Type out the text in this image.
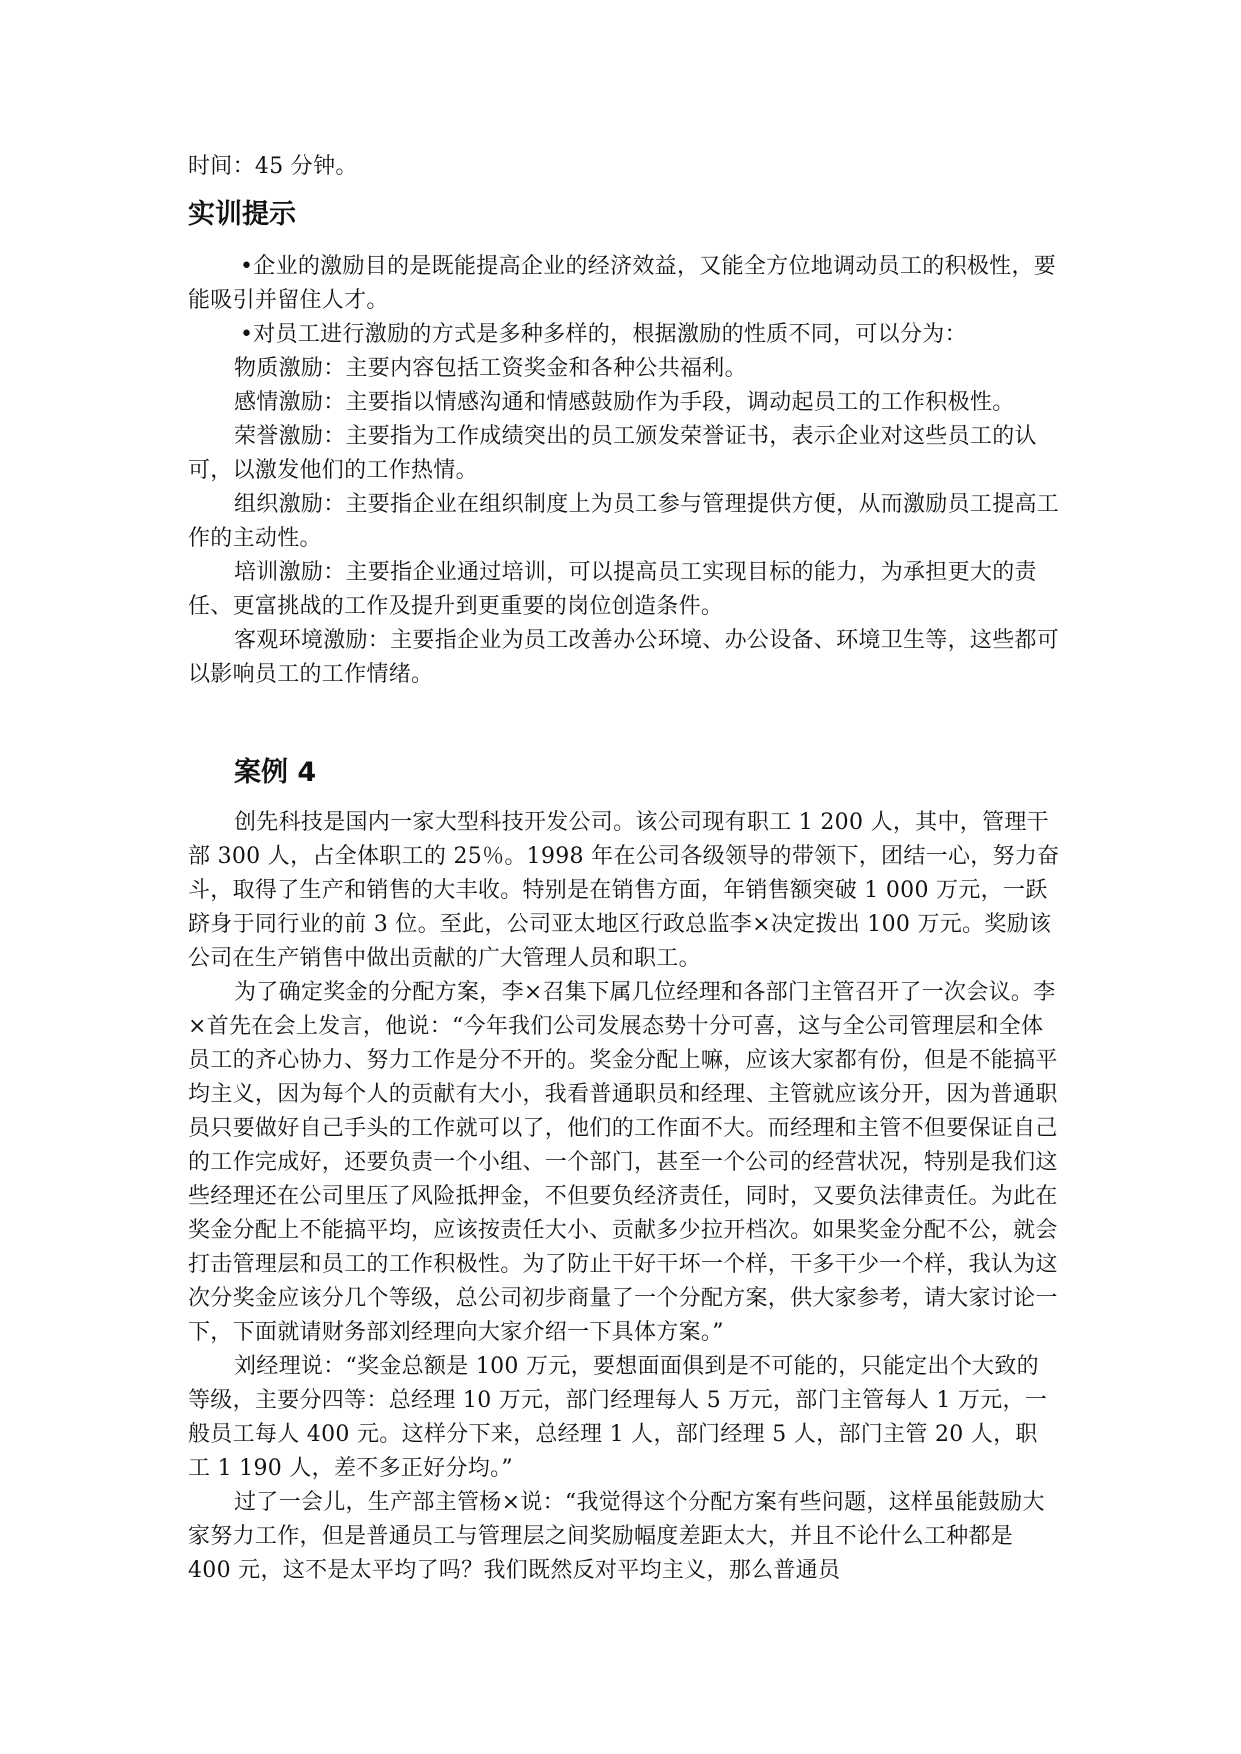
时间：45 分钟。

实训提示

•企业的激励目的是既能提高企业的经济效益，又能全方位地调动员工的积极性，要能吸引并留住人才。

•对员工进行激励的方式是多种多样的，根据激励的性质不同，可以分为：

物质激励：主要内容包括工资奖金和各种公共福利。

感情激励：主要指以情感沟通和情感鼓励作为手段，调动起员工的工作积极性。

荣誉激励：主要指为工作成绩突出的员工颁发荣誉证书，表示企业对这些员工的认可，以激发他们的工作热情。

组织激励：主要指企业在组织制度上为员工参与管理提供方便，从而激励员工提高工作的主动性。

培训激励：主要指企业通过培训，可以提高员工实现目标的能力，为承担更大的责任、更富挑战的工作及提升到更重要的岗位创造条件。

客观环境激励：主要指企业为员工改善办公环境、办公设备、环境卫生等，这些都可以影响员工的工作情绪。

案例 4

创先科技是国内一家大型科技开发公司。该公司现有职工 1 200 人，其中，管理干部 300 人，占全体职工的 25％。1998 年在公司各级领导的带领下，团结一心，努力奋斗，取得了生产和销售的大丰收。特别是在销售方面，年销售额突破 1 000 万元，一跃跻身于同行业的前 3 位。至此，公司亚太地区行政总监李×决定拨出 100 万元。奖励该公司在生产销售中做出贡献的广大管理人员和职工。

为了确定奖金的分配方案，李×召集下属几位经理和各部门主管召开了一次会议。李×首先在会上发言，他说：“今年我们公司发展态势十分可喜，这与全公司管理层和全体员工的齐心协力、努力工作是分不开的。奖金分配上嘛，应该大家都有份，但是不能搞平均主义，因为每个人的贡献有大小，我看普通职员和经理、主管就应该分开，因为普通职员只要做好自己手头的工作就可以了，他们的工作面不大。而经理和主管不但要保证自己的工作完成好，还要负责一个小组、一个部门，甚至一个公司的经营状况，特别是我们这些经理还在公司里压了风险抵押金，不但要负经济责任，同时，又要负法律责任。为此在奖金分配上不能搞平均，应该按责任大小、贡献多少拉开档次。如果奖金分配不公，就会打击管理层和员工的工作积极性。为了防止干好干坏一个样，干多干少一个样，我认为这次分奖金应该分几个等级，总公司初步商量了一个分配方案，供大家参考，请大家讨论一下，下面就请财务部刘经理向大家介绍一下具体方案。”

刘经理说：“奖金总额是 100 万元，要想面面俱到是不可能的，只能定出个大致的等级，主要分四等：总经理 10 万元，部门经理每人 5 万元，部门主管每人 1 万元，一般员工每人 400 元。这样分下来，总经理 1 人，部门经理 5 人，部门主管 20 人，职工 1 190 人，差不多正好分均。”

过了一会儿，生产部主管杨×说：“我觉得这个分配方案有些问题，这样虽能鼓励大家努力工作，但是普通员工与管理层之间奖励幅度差距太大，并且不论什么工种都是 400 元，这不是太平均了吗？我们既然反对平均主义，那么普通员
